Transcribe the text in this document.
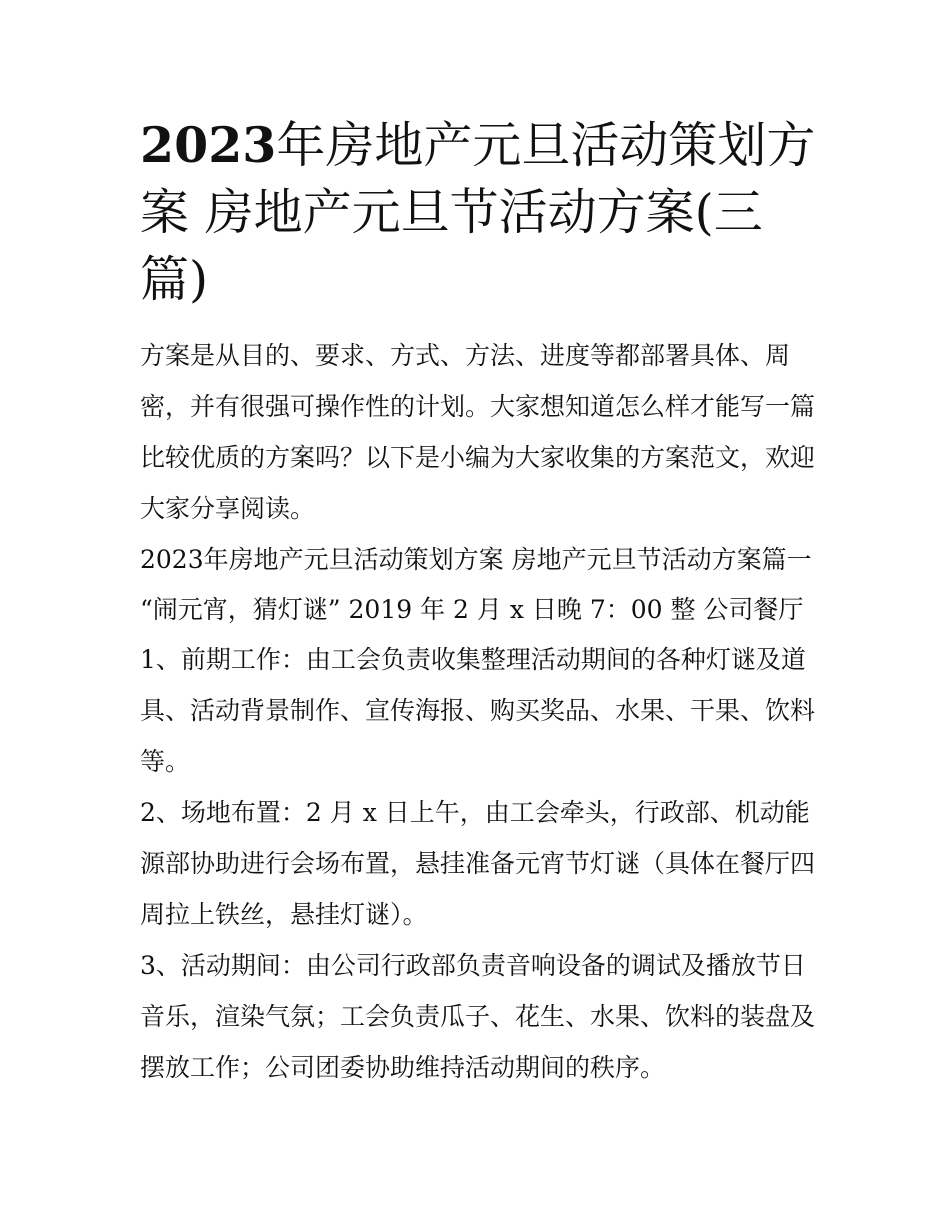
2023年房地产元旦活动策划方案 房地产元旦节活动方案(三篇)

方案是从目的、要求、方式、方法、进度等都部署具体、周密，并有很强可操作性的计划。大家想知道怎么样才能写一篇比较优质的方案吗？以下是小编为大家收集的方案范文，欢迎大家分享阅读。

2023年房地产元旦活动策划方案 房地产元旦节活动方案篇一

“闹元宵，猜灯谜” 2019 年 2 月 x 日晚 7：00 整 公司餐厅

1、前期工作：由工会负责收集整理活动期间的各种灯谜及道具、活动背景制作、宣传海报、购买奖品、水果、干果、饮料等。

2、场地布置：2 月 x 日上午，由工会牵头，行政部、机动能源部协助进行会场布置，悬挂准备元宵节灯谜（具体在餐厅四周拉上铁丝，悬挂灯谜）。

3、活动期间：由公司行政部负责音响设备的调试及播放节日音乐，渲染气氛；工会负责瓜子、花生、水果、饮料的装盘及摆放工作；公司团委协助维持活动期间的秩序。
